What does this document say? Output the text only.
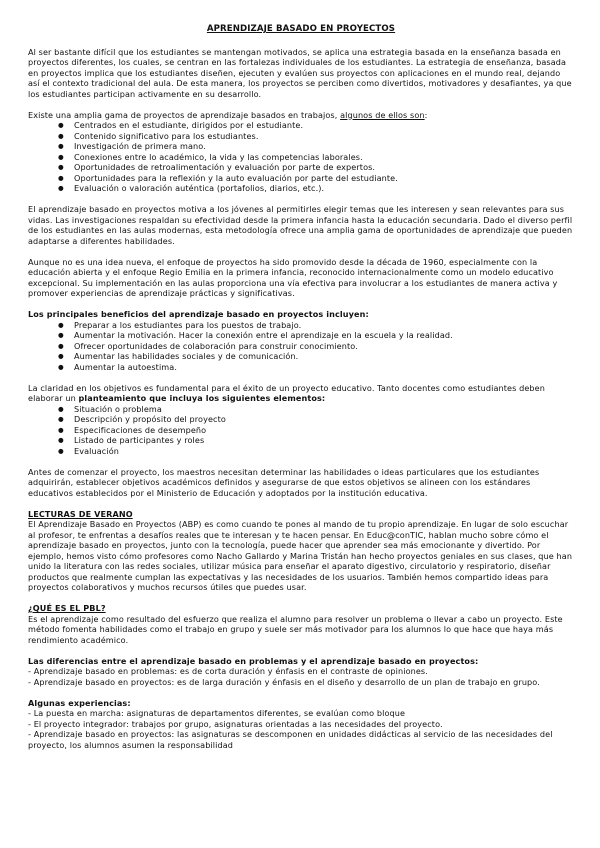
APRENDIZAJE BASADO EN PROYECTOS

Al ser bastante difícil que los estudiantes se mantengan motivados, se aplica una estrategia basada en la enseñanza basada en proyectos diferentes, los cuales, se centran en las fortalezas individuales de los estudiantes. La estrategia de enseñanza, basada en proyectos implica que los estudiantes diseñen, ejecuten y evalúen sus proyectos con aplicaciones en el mundo real, dejando así el contexto tradicional del aula. De esta manera, los proyectos se perciben como divertidos, motivadores y desafiantes, ya que los estudiantes participan activamente en su desarrollo.

Existe una amplia gama de proyectos de aprendizaje basados en trabajos, algunos de ellos son:

● Centrados en el estudiante, dirigidos por el estudiante.
● Contenido significativo para los estudiantes.
● Investigación de primera mano.
● Conexiones entre lo académico, la vida y las competencias laborales.
● Oportunidades de retroalimentación y evaluación por parte de expertos.
● Oportunidades para la reflexión y la auto evaluación por parte del estudiante.
● Evaluación o valoración auténtica (portafolios, diarios, etc.).

El aprendizaje basado en proyectos motiva a los jóvenes al permitirles elegir temas que les interesen y sean relevantes para sus vidas. Las investigaciones respaldan su efectividad desde la primera infancia hasta la educación secundaria. Dado el diverso perfil de los estudiantes en las aulas modernas, esta metodología ofrece una amplia gama de oportunidades de aprendizaje que pueden adaptarse a diferentes habilidades.

Aunque no es una idea nueva, el enfoque de proyectos ha sido promovido desde la década de 1960, especialmente con la educación abierta y el enfoque Regio Emilia en la primera infancia, reconocido internacionalmente como un modelo educativo excepcional. Su implementación en las aulas proporciona una vía efectiva para involucrar a los estudiantes de manera activa y promover experiencias de aprendizaje prácticas y significativas.

Los principales beneficios del aprendizaje basado en proyectos incluyen:

● Preparar a los estudiantes para los puestos de trabajo.
● Aumentar la motivación. Hacer la conexión entre el aprendizaje en la escuela y la realidad.
● Ofrecer oportunidades de colaboración para construir conocimiento.
● Aumentar las habilidades sociales y de comunicación.
● Aumentar la autoestima.

La claridad en los objetivos es fundamental para el éxito de un proyecto educativo. Tanto docentes como estudiantes deben elaborar un planteamiento que incluya los siguientes elementos:

● Situación o problema
● Descripción y propósito del proyecto
● Especificaciones de desempeño
● Listado de participantes y roles
● Evaluación

Antes de comenzar el proyecto, los maestros necesitan determinar las habilidades o ideas particulares que los estudiantes adquirirán, establecer objetivos académicos definidos y asegurarse de que estos objetivos se alineen con los estándares educativos establecidos por el Ministerio de Educación y adoptados por la institución educativa.

LECTURAS DE VERANO

El Aprendizaje Basado en Proyectos (ABP) es como cuando te pones al mando de tu propio aprendizaje. En lugar de solo escuchar al profesor, te enfrentas a desafíos reales que te interesan y te hacen pensar. En Educ@conTIC, hablan mucho sobre cómo el aprendizaje basado en proyectos, junto con la tecnología, puede hacer que aprender sea más emocionante y divertido. Por ejemplo, hemos visto cómo profesores como Nacho Gallardo y Marina Tristán han hecho proyectos geniales en sus clases, que han unido la literatura con las redes sociales, utilizar música para enseñar el aparato digestivo, circulatorio y respiratorio, diseñar productos que realmente cumplan las expectativas y las necesidades de los usuarios. También hemos compartido ideas para proyectos colaborativos y muchos recursos útiles que puedes usar.

¿QUÉ ES EL PBL?

Es el aprendizaje como resultado del esfuerzo que realiza el alumno para resolver un problema o llevar a cabo un proyecto. Este método fomenta habilidades como el trabajo en grupo y suele ser más motivador para los alumnos lo que hace que haya más rendimiento académico.

Las diferencias entre el aprendizaje basado en problemas y el aprendizaje basado en proyectos:

- Aprendizaje basado en problemas: es de corta duración y énfasis en el contraste de opiniones.

- Aprendizaje basado en proyectos: es de larga duración y énfasis en el diseño y desarrollo de un plan de trabajo en grupo.

Algunas experiencias:

- La puesta en marcha: asignaturas de departamentos diferentes, se evalúan como bloque

- El proyecto integrador: trabajos por grupo, asignaturas orientadas a las necesidades del proyecto.

- Aprendizaje basado en proyectos: las asignaturas se descomponen en unidades didácticas al servicio de las necesidades del proyecto, los alumnos asumen la responsabilidad
